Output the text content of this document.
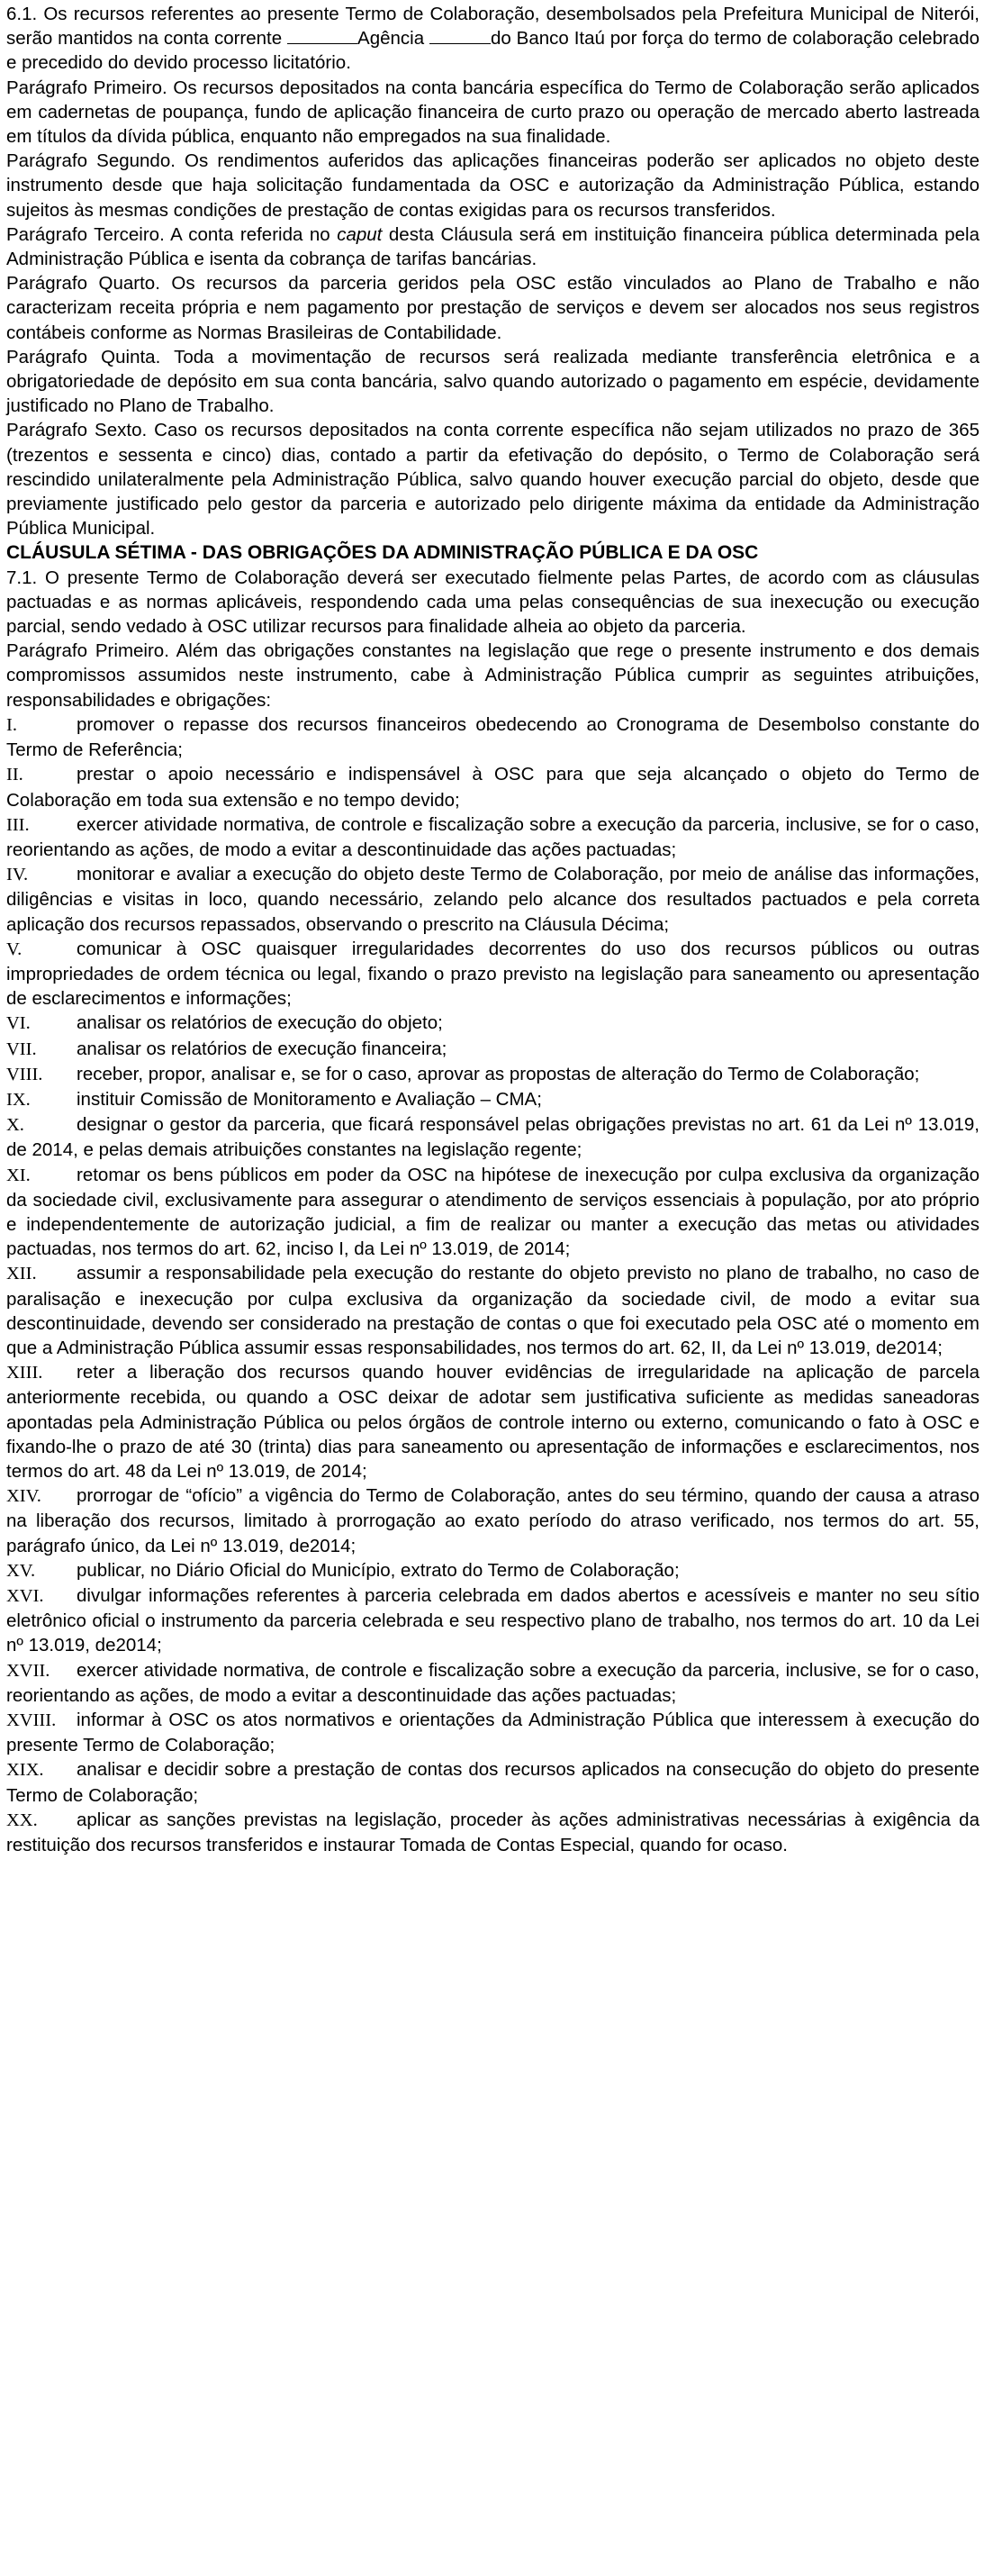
6.1. Os recursos referentes ao presente Termo de Colaboração, desembolsados pela Prefeitura Municipal de Niterói, serão mantidos na conta corrente	Agência	do Banco Itaú por força do termo de colaboração celebrado e precedido do devido processo licitatório.

Parágrafo Primeiro. Os recursos depositados na conta bancária específica do Termo de Colaboração serão aplicados em cadernetas de poupança, fundo de aplicação financeira de curto prazo ou operação de mercado aberto lastreada em títulos da dívida pública, enquanto não empregados na sua finalidade.

Parágrafo Segundo. Os rendimentos auferidos das aplicações financeiras poderão ser aplicados no objeto deste instrumento desde que haja solicitação fundamentada da OSC e autorização da Administração Pública, estando sujeitos às mesmas condições de prestação de contas exigidas para os recursos transferidos.

Parágrafo Terceiro. A conta referida no caput desta Cláusula será em instituição financeira pública determinada pela Administração Pública e isenta da cobrança de tarifas bancárias.

Parágrafo Quarto. Os recursos da parceria geridos pela OSC estão vinculados ao Plano de Trabalho e não caracterizam receita própria e nem pagamento por prestação de serviços e devem ser alocados nos seus registros contábeis conforme as Normas Brasileiras de Contabilidade.

Parágrafo Quinta. Toda a movimentação de recursos será realizada mediante transferência eletrônica e a obrigatoriedade de depósito em sua conta bancária, salvo quando autorizado o pagamento em espécie, devidamente justificado no Plano de Trabalho.

Parágrafo Sexto. Caso os recursos depositados na conta corrente específica não sejam utilizados no prazo de 365 (trezentos e sessenta e cinco) dias, contado a partir da efetivação do depósito, o Termo de Colaboração será rescindido unilateralmente pela Administração Pública, salvo quando houver execução parcial do objeto, desde que previamente justificado pelo gestor da parceria e autorizado pelo dirigente máxima da entidade da Administração Pública Municipal.

CLÁUSULA SÉTIMA - DAS OBRIGAÇÕES DA ADMINISTRAÇÃO PÚBLICA E DA OSC

7.1. O presente Termo de Colaboração deverá ser executado fielmente pelas Partes, de acordo com as cláusulas pactuadas e as normas aplicáveis, respondendo cada uma pelas consequências de sua inexecução ou execução parcial, sendo vedado à OSC utilizar recursos para finalidade alheia ao objeto da parceria.

Parágrafo Primeiro. Além das obrigações constantes na legislação que rege o presente instrumento e dos demais compromissos assumidos neste instrumento, cabe à Administração Pública cumprir as seguintes atribuições, responsabilidades e obrigações:

I.	promover o repasse dos recursos financeiros obedecendo ao Cronograma de Desembolso constante do Termo de Referência;

II.	prestar o apoio necessário e indispensável à OSC para que seja alcançado o objeto do Termo de Colaboração em toda sua extensão e no tempo devido;

III.	exercer atividade normativa, de controle e fiscalização sobre a execução da parceria, inclusive, se for o caso, reorientando as ações, de modo a evitar a descontinuidade das ações pactuadas;

IV.	monitorar e avaliar a execução do objeto deste Termo de Colaboração, por meio de análise das informações, diligências e visitas in loco, quando necessário, zelando pelo alcance dos resultados pactuados e pela correta aplicação dos recursos repassados, observando o prescrito na Cláusula Décima;

V.	comunicar à OSC quaisquer irregularidades decorrentes do uso dos recursos públicos ou outras impropriedades de ordem técnica ou legal, fixando o prazo previsto na legislação para saneamento ou apresentação de esclarecimentos e informações;

VI. analisar os relatórios de execução do objeto;

VII. analisar os relatórios de execução financeira;

VIII. receber, propor, analisar e, se for o caso, aprovar as propostas de alteração do Termo de Colaboração;

IX. instituir Comissão de Monitoramento e Avaliação – CMA;

X.	designar o gestor da parceria, que ficará responsável pelas obrigações previstas no art. 61 da Lei nº 13.019, de 2014, e pelas demais atribuições constantes na legislação regente;

XI. retomar os bens públicos em poder da OSC na hipótese de inexecução por culpa exclusiva da organização da sociedade civil, exclusivamente para assegurar o atendimento de serviços essenciais à população, por ato próprio e independentemente de autorização judicial, a fim de realizar ou manter a execução das metas ou atividades pactuadas, nos termos do art. 62, inciso I, da Lei nº 13.019, de 2014;

XII. assumir a responsabilidade pela execução do restante do objeto previsto no plano de trabalho, no caso de paralisação e inexecução por culpa exclusiva da organização da sociedade civil, de modo a evitar sua descontinuidade, devendo ser considerado na prestação de contas o que foi executado pela OSC até o momento em que a Administração Pública assumir essas responsabilidades, nos termos do art. 62, II, da Lei nº 13.019, de2014;

XIII. reter a liberação dos recursos quando houver evidências de irregularidade na aplicação de parcela anteriormente recebida, ou quando a OSC deixar de adotar sem justificativa suficiente as medidas saneadoras apontadas pela Administração Pública ou pelos órgãos de controle interno ou externo, comunicando o fato à OSC e fixando-lhe o prazo de até 30 (trinta) dias para saneamento ou apresentação de informações e esclarecimentos, nos termos do art. 48 da Lei nº 13.019, de 2014;

XIV. prorrogar de “ofício” a vigência do Termo de Colaboração, antes do seu término, quando der causa a atraso na liberação dos recursos, limitado à prorrogação ao exato período do atraso verificado, nos termos do art. 55, parágrafo único, da Lei nº 13.019, de2014;

XV. publicar, no Diário Oficial do Município, extrato do Termo de Colaboração;

XVI. divulgar informações referentes à parceria celebrada em dados abertos e acessíveis e manter no seu sítio eletrônico oficial o instrumento da parceria celebrada e seu respectivo plano de trabalho, nos termos do art. 10 da Lei nº 13.019, de2014;

XVII. exercer atividade normativa, de controle e fiscalização sobre a execução da parceria, inclusive, se for o caso, reorientando as ações, de modo a evitar a descontinuidade das ações pactuadas;

XVIII. informar à OSC os atos normativos e orientações da Administração Pública que interessem à execução do presente Termo de Colaboração;

XIX. analisar e decidir sobre a prestação de contas dos recursos aplicados na consecução do objeto do presente Termo de Colaboração;

XX. aplicar as sanções previstas na legislação, proceder às ações administrativas necessárias à exigência da restituição dos recursos transferidos e instaurar Tomada de Contas Especial, quando for ocaso.
